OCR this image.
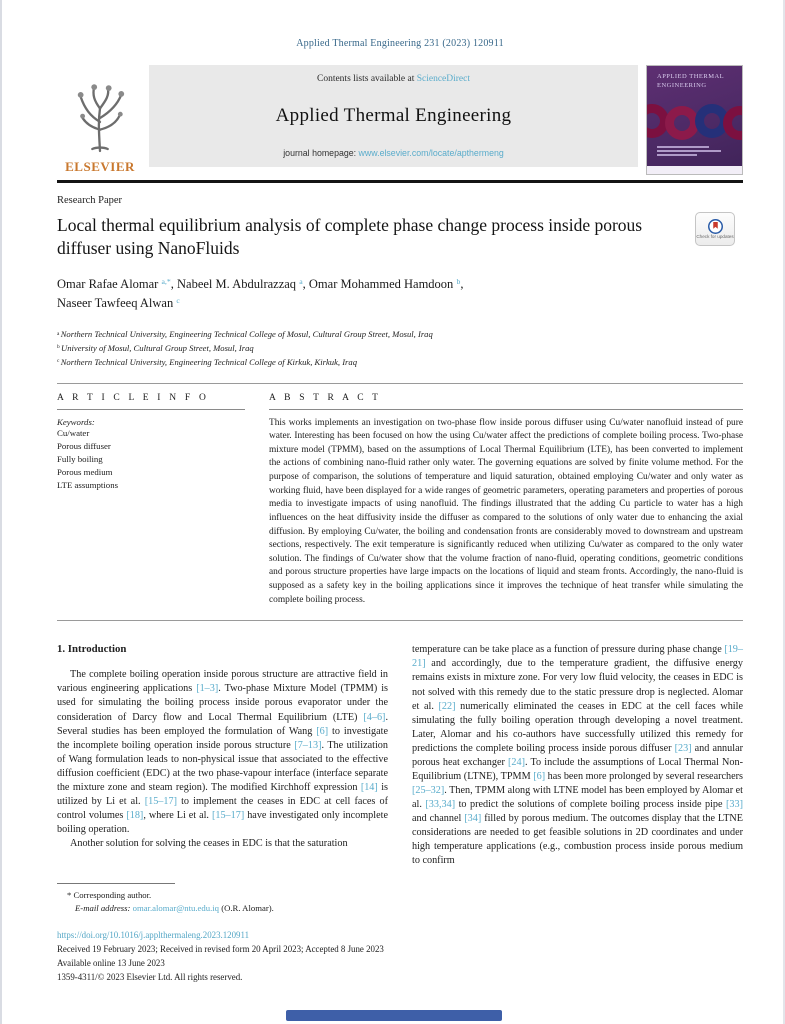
Applied Thermal Engineering 231 (2023) 120911
ELSEVIER
Contents lists available at ScienceDirect
Applied Thermal Engineering
journal homepage: www.elsevier.com/locate/apthermeng
APPLIED THERMAL ENGINEERING
Research Paper
Local thermal equilibrium analysis of complete phase change process inside porous diffuser using NanoFluids
Check for updates
Omar Rafae Alomar $^{a,*}$, Nabeel M. Abdulrazzaq $^a$, Omar Mohammed Hamdoon $^b$,
Naseer Tawfeeq Alwan $^c$
$^a$ Northern Technical University, Engineering Technical College of Mosul, Cultural Group Street, Mosul, Iraq
$^b$ University of Mosul, Cultural Group Street, Mosul, Iraq
$^c$ Northern Technical University, Engineering Technical College of Kirkuk, Kirkuk, Iraq
A R T I C L E I N F O
Keywords:
Cu/water
Porous diffuser
Fully boiling
Porous medium
LTE assumptions
A B S T R A C T
This works implements an investigation on two-phase flow inside porous diffuser using Cu/water nanofluid instead of pure water. Interesting has been focused on how the using Cu/water affect the predictions of complete boiling process. Two-phase mixture model (TPMM), based on the assumptions of Local Thermal Equilibrium (LTE), has been converted to implement the actions of combining nano-fluid rather only water. The governing equations are solved by finite volume method. For the purpose of comparison, the solutions of temperature and liquid saturation, obtained employing Cu/water and only water as working fluid, have been displayed for a wide ranges of geometric parameters, operating parameters and properties of porous media to investigate impacts of using nanofluid. The findings illustrated that the adding Cu particle to water has a high influences on the heat diffusivity inside the diffuser as compared to the solutions of only water due to enhancing the axial diffusion. By employing Cu/water, the boiling and condensation fronts are considerably moved to downstream and upstream sections, respectively. The exit temperature is significantly reduced when utilizing Cu/water as compared to the only water solution. The findings of Cu/water show that the volume fraction of nano-fluid, operating conditions, geometric conditions and porous structure properties have large impacts on the locations of liquid and steam fronts. Accordingly, the nano-fluid is supposed as a safety key in the boiling applications since it improves the technique of heat transfer while simulating the complete boiling process.
1. Introduction

The complete boiling operation inside porous structure are attractive field in various engineering applications [1–3]. Two-phase Mixture Model (TPMM) is used for simulating the boiling process inside porous evaporator under the consideration of Darcy flow and Local Thermal Equilibrium (LTE) [4–6]. Several studies has been employed the formulation of Wang [6] to investigate the incomplete boiling operation inside porous structure [7–13]. The utilization of Wang formulation leads to non-physical issue that associated to the effective diffusion coefficient (EDC) at the two phase-vapour interface (interface separate the mixture zone and steam region). The modified Kirchhoff expression [14] is utilized by Li et al. [15–17] to implement the ceases in EDC at cell faces of control volumes [18], where Li et al. [15–17] have investigated only incomplete boiling operation.

Another solution for solving the ceases in EDC is that the saturation

temperature can be take place as a function of pressure during phase change [19–21] and accordingly, due to the temperature gradient, the diffusive energy remains exists in mixture zone. For very low fluid velocity, the ceases in EDC is not solved with this remedy due to the static pressure drop is neglected. Alomar et al. [22] numerically eliminated the ceases in EDC at the cell faces while simulating the fully boiling operation through developing a novel treatment. Later, Alomar and his co-authors have successfully utilized this remedy for predictions the complete boiling process inside porous diffuser [23] and annular porous heat exchanger [24]. To include the assumptions of Local Thermal Non-Equilibrium (LTNE), TPMM [6] has been more prolonged by several researchers [25–32]. Then, TPMM along with LTNE model has been employed by Alomar et al. [33,34] to predict the solutions of complete boiling process inside pipe [33] and channel [34] filled by porous medium. The outcomes display that the LTNE considerations are needed to get feasible solutions in 2D coordinates and under high temperature applications (e.g., combustion process inside porous medium to confirm

* Corresponding author.
E-mail address: omar.alomar@ntu.edu.iq (O.R. Alomar).
https://doi.org/10.1016/j.applthermaleng.2023.120911
Received 19 February 2023; Received in revised form 20 April 2023; Accepted 8 June 2023
Available online 13 June 2023
1359-4311/© 2023 Elsevier Ltd. All rights reserved.
